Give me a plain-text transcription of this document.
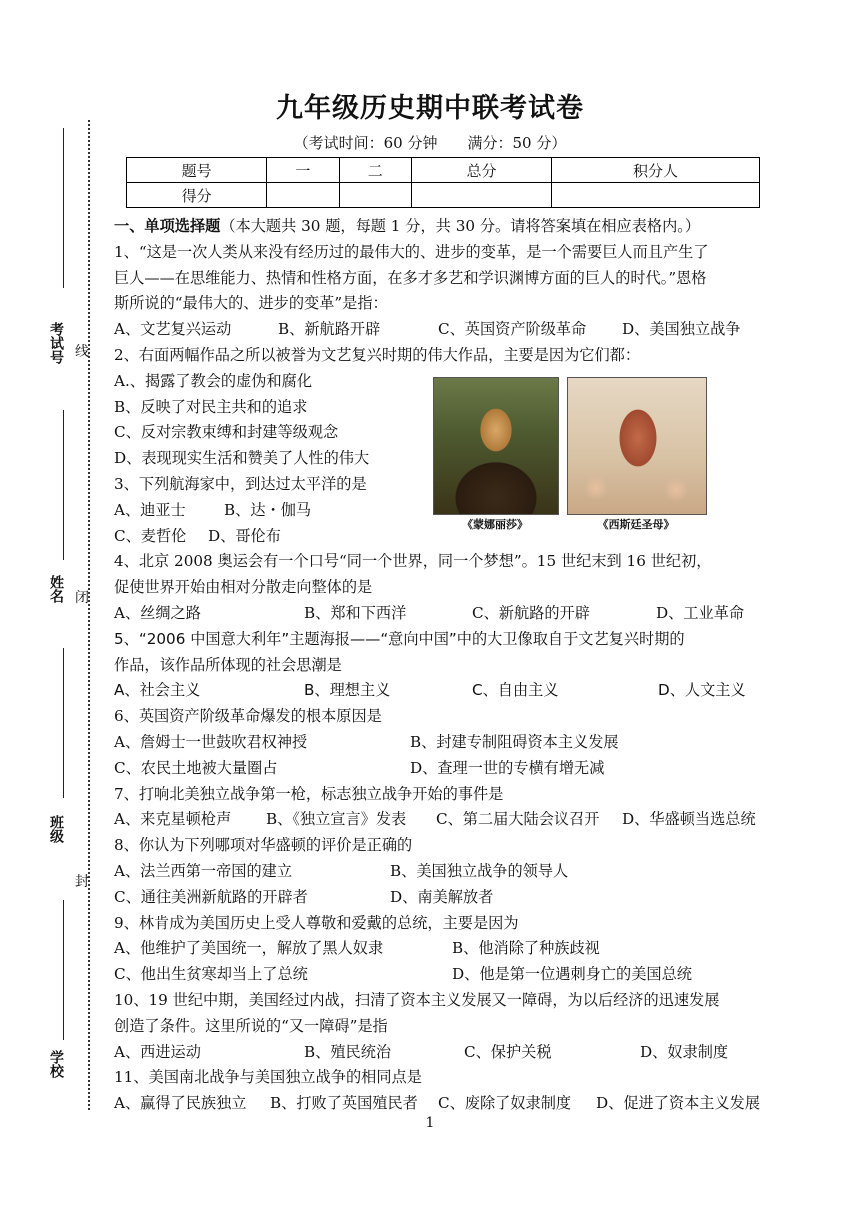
考试号 线
姓名 闭
班级
封
学校
九年级历史期中联考试卷
（考试时间：60 分钟　　满分：50 分）
题号	一	二	总分	积分人
得分				
《蒙娜丽莎》	《西斯廷圣母》
一、单项选择题（本大题共 30 题，每题 1 分，共 30 分。请将答案填在相应表格内。）
1、“这是一次人类从来没有经历过的最伟大的、进步的变革，是一个需要巨人而且产生了
巨人——在思维能力、热情和性格方面，在多才多艺和学识渊博方面的巨人的时代。”恩格
斯所说的“最伟大的、进步的变革”是指：
A、文艺复兴运动	B、新航路开辟	C、英国资产阶级革命	D、美国独立战争
2、右面两幅作品之所以被誉为文艺复兴时期的伟大作品，主要是因为它们都：
A.、揭露了教会的虚伪和腐化
B、反映了对民主共和的追求
C、反对宗教束缚和封建等级观念
D、表现现实生活和赞美了人性的伟大
3、下列航海家中，到达过太平洋的是
A、迪亚士	B、达・伽马
C、麦哲伦	D、哥伦布
4、北京 2008 奥运会有一个口号“同一个世界，同一个梦想”。15 世纪末到 16 世纪初，
促使世界开始由相对分散走向整体的是
A、丝绸之路	B、郑和下西洋	C、新航路的开辟	D、工业革命
5、“2006 中国意大利年”主题海报——“意向中国”中的大卫像取自于文艺复兴时期的
作品，该作品所体现的社会思潮是
A、社会主义	B、理想主义	C、自由主义	D、人文主义
6、英国资产阶级革命爆发的根本原因是
A、詹姆士一世鼓吹君权神授	B、封建专制阻碍资本主义发展
C、农民土地被大量圈占	D、查理一世的专横有增无减
7、打响北美独立战争第一枪，标志独立战争开始的事件是
A、来克星顿枪声	B、《独立宣言》发表	C、第二届大陆会议召开	D、华盛顿当选总统
8、你认为下列哪项对华盛顿的评价是正确的
A、法兰西第一帝国的建立	B、美国独立战争的领导人
C、通往美洲新航路的开辟者	D、南美解放者
9、林肯成为美国历史上受人尊敬和爱戴的总统，主要是因为
A、他维护了美国统一，解放了黑人奴隶	B、他消除了种族歧视
C、他出生贫寒却当上了总统	D、他是第一位遇刺身亡的美国总统
10、19 世纪中期，美国经过内战，扫清了资本主义发展又一障碍，为以后经济的迅速发展
创造了条件。这里所说的“又一障碍”是指
A、西进运动	B、殖民统治	C、保护关税	D、奴隶制度
11、美国南北战争与美国独立战争的相同点是
A、赢得了民族独立	B、打败了英国殖民者	C、废除了奴隶制度	D、促进了资本主义发展
1
